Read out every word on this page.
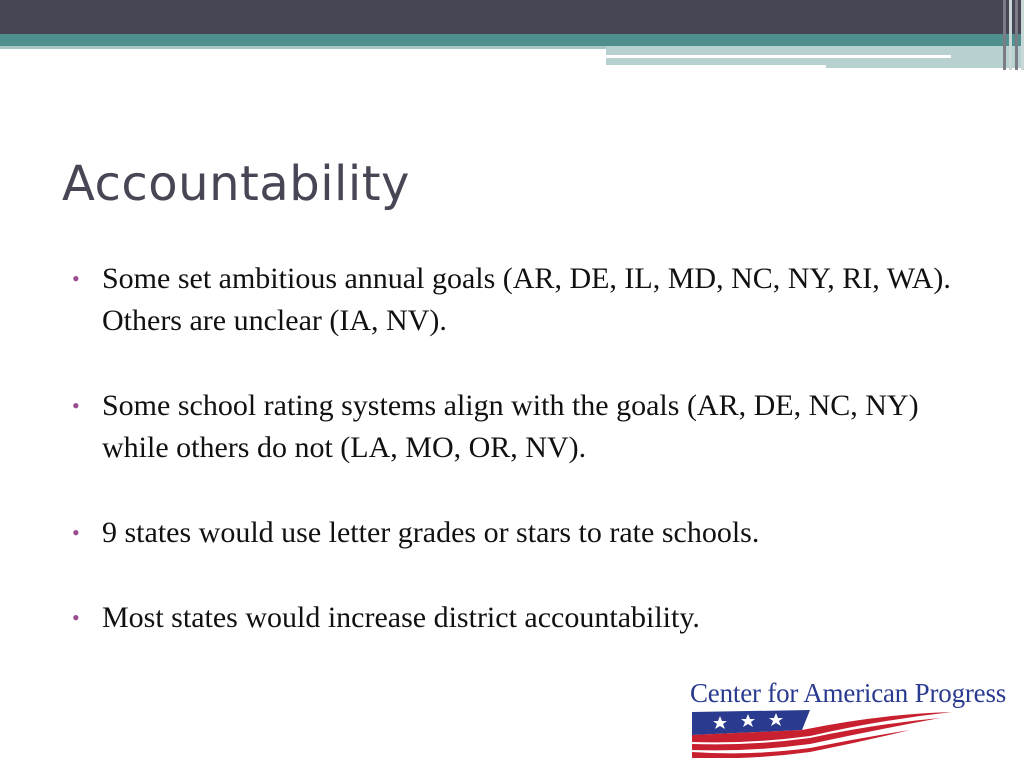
Accountability
• Some set ambitious annual goals (AR, DE, IL, MD, NC, NY, RI, WA). Others are unclear (IA, NV).
• Some school rating systems align with the goals (AR, DE, NC, NY) while others do not (LA, MO, OR, NV).
• 9 states would use letter grades or stars to rate schools.
• Most states would increase district accountability.
Center for American Progress
